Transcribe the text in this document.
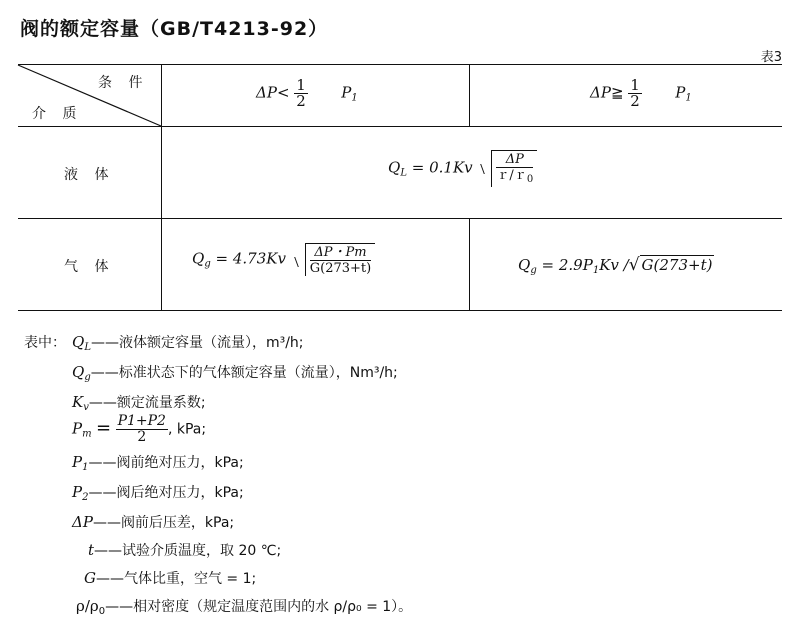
阀的额定容量（GB/T4213-92）
表3
条 件
介 质
$\Delta P< \frac{1}{2} P_1$	ΔP≧ $\frac{1}{2} P_1$
液 体	$Q_L = 0.1Kv \frac{\Delta P}{r/r_0}$
气 体	$Q_g = 4.73Kv \frac{\Delta P・Pm}{G(273+t)}$	$Q_g = 2.9P_1Kv$ /√ G(273+t)
表中： $Q_L——$液体额定容量（流量），m³/h;
$Q_g——$标准状态下的气体额定容量（流量），Nm³/h;
$K_v——$额定流量系数;
$P_m = \frac{P1+P2}{2}$ , kPa;
$P_1——$阀前绝对压力，kPa;
$P_2——$阀后绝对压力，kPa;
ΔP——阀前后压差，kPa;
t——试验介质温度，取 20 ℃;
G——气体比重，空气 = 1;
$\rho/\rho_0——$相对密度（规定温度范围内的水 ρ/ρ₀ = 1）。
